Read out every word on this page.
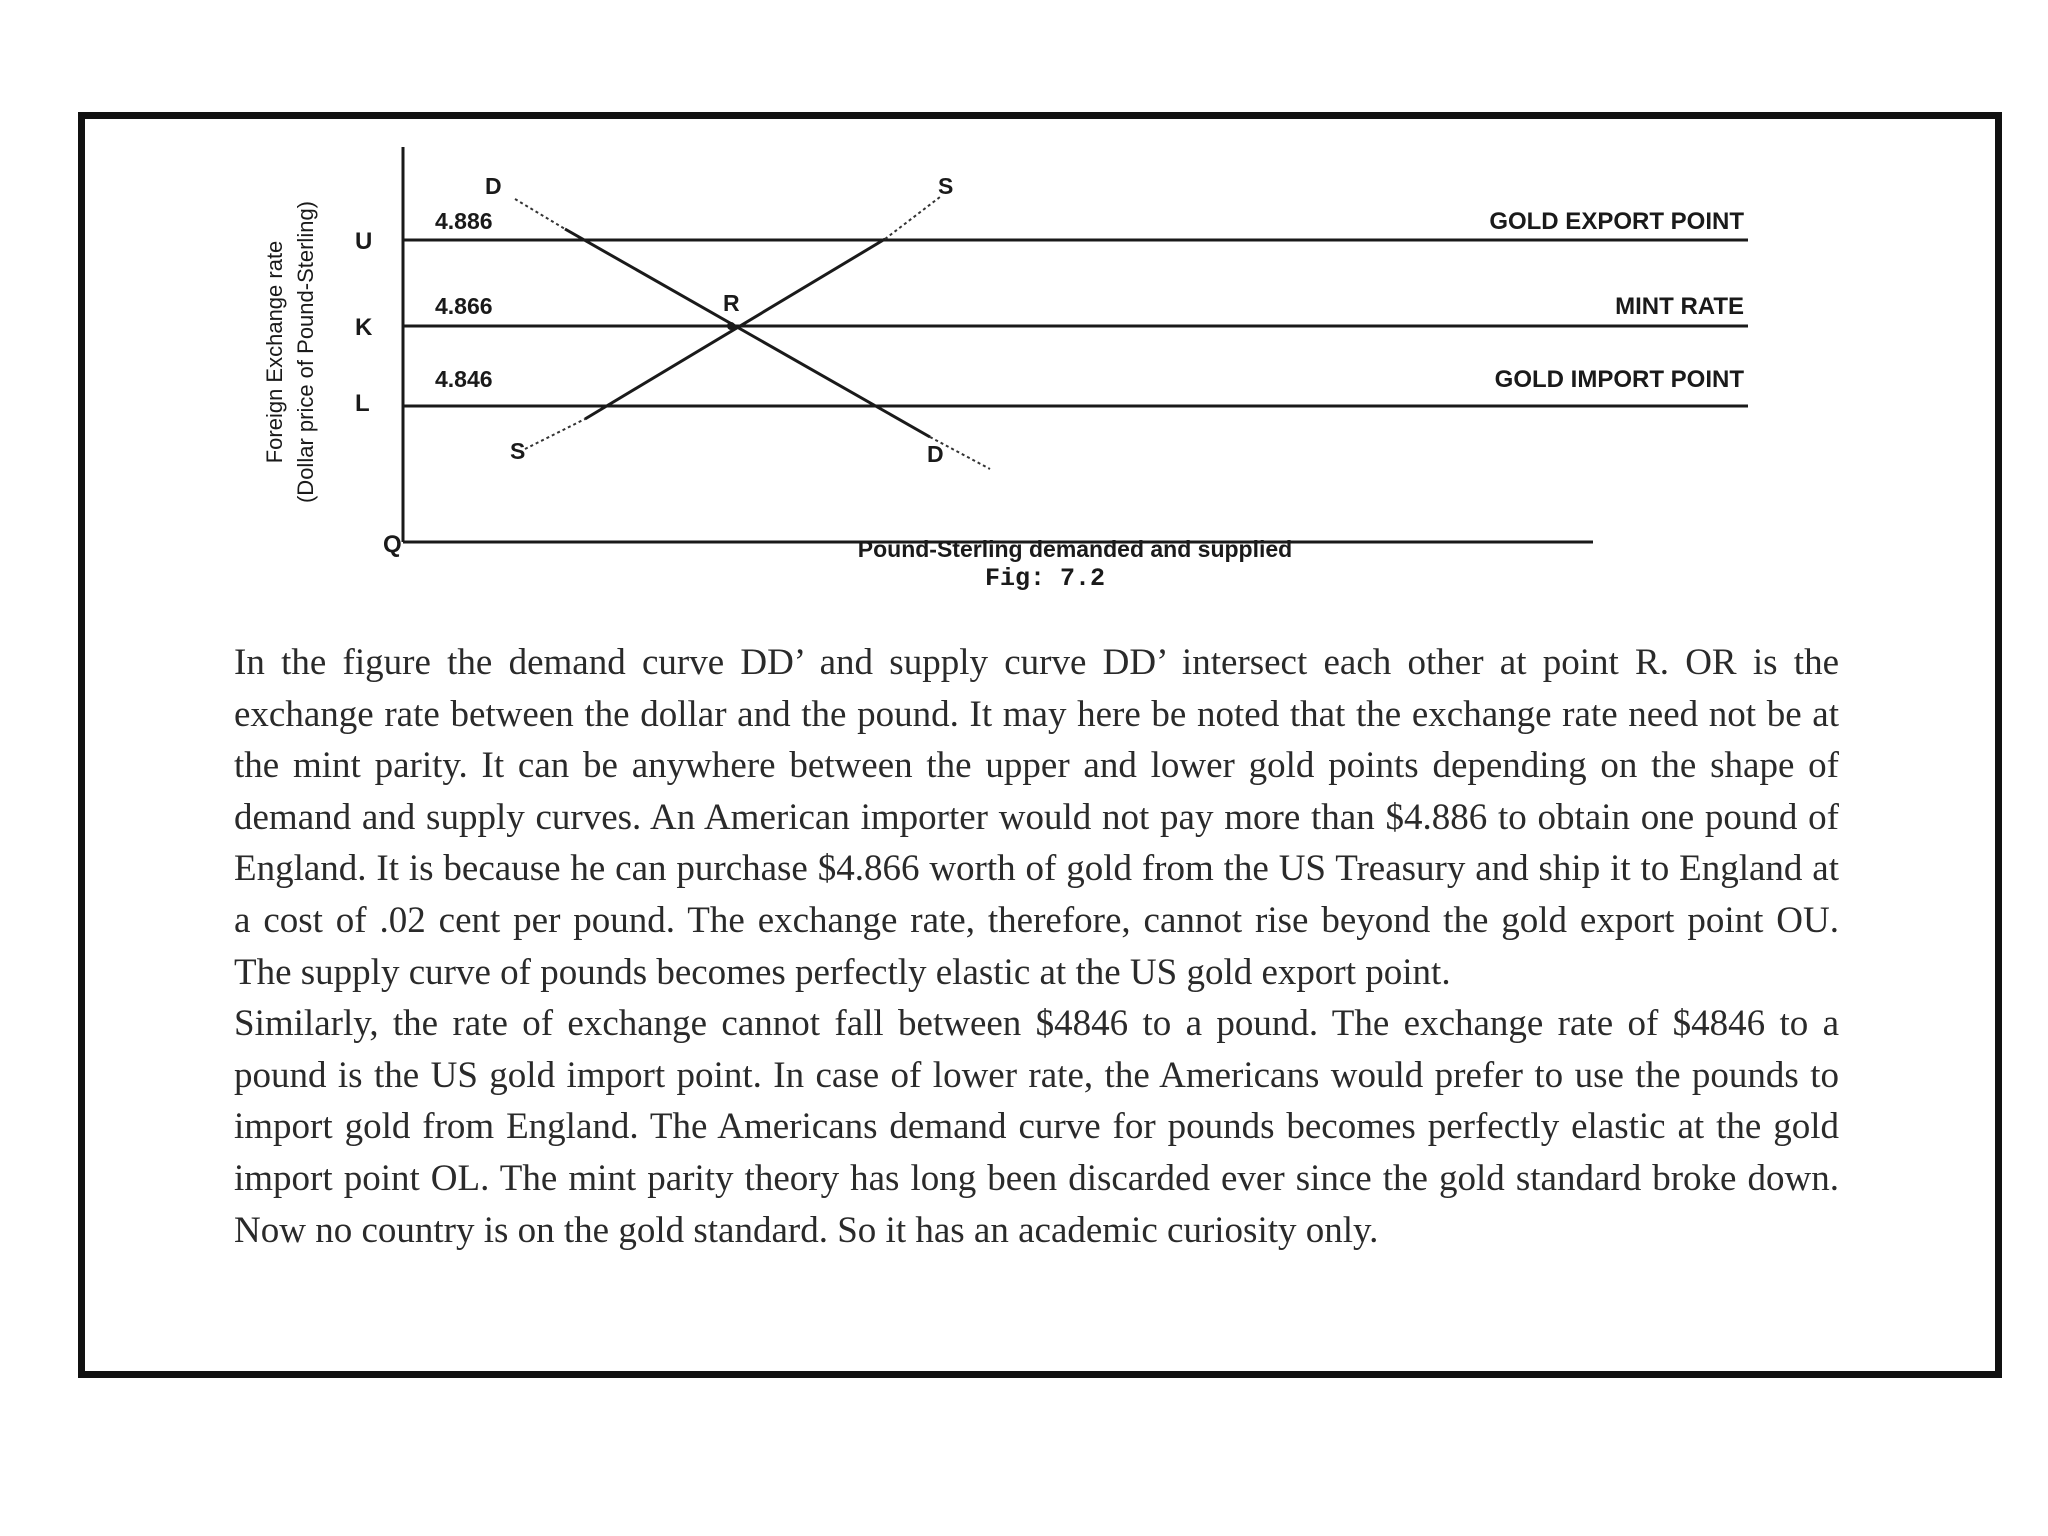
D	S
R
S	D
4.886
4.866
4.846
GOLD EXPORT POINT
MINT RATE
GOLD IMPORT POINT
U
K
L
Q
Foreign Exchange rate (Dollar price of Pound-Sterling)
Pound-Sterling demanded and supplied
Fig: 7.2

In the figure the demand curve DD’ and supply curve DD’ intersect each other at point R. OR is the exchange rate between the dollar and the pound. It may here be noted that the exchange rate need not be at the mint parity. It can be anywhere between the upper and lower gold points depending on the shape of demand and supply curves. An American importer would not pay more than $4.886 to obtain one pound of England. It is because he can purchase $4.866 worth of gold from the US Treasury and ship it to England at a cost of .02 cent per pound. The exchange rate, therefore, cannot rise beyond the gold export point OU. The supply curve of pounds becomes perfectly elastic at the US gold export point.

Similarly, the rate of exchange cannot fall between $4846 to a pound. The exchange rate of $4846 to a pound is the US gold import point. In case of lower rate, the Americans would prefer to use the pounds to import gold from England. The Americans demand curve for pounds becomes perfectly elastic at the gold import point OL. The mint parity theory has long been discarded ever since the gold standard broke down. Now no country is on the gold standard. So it has an academic curiosity only.
